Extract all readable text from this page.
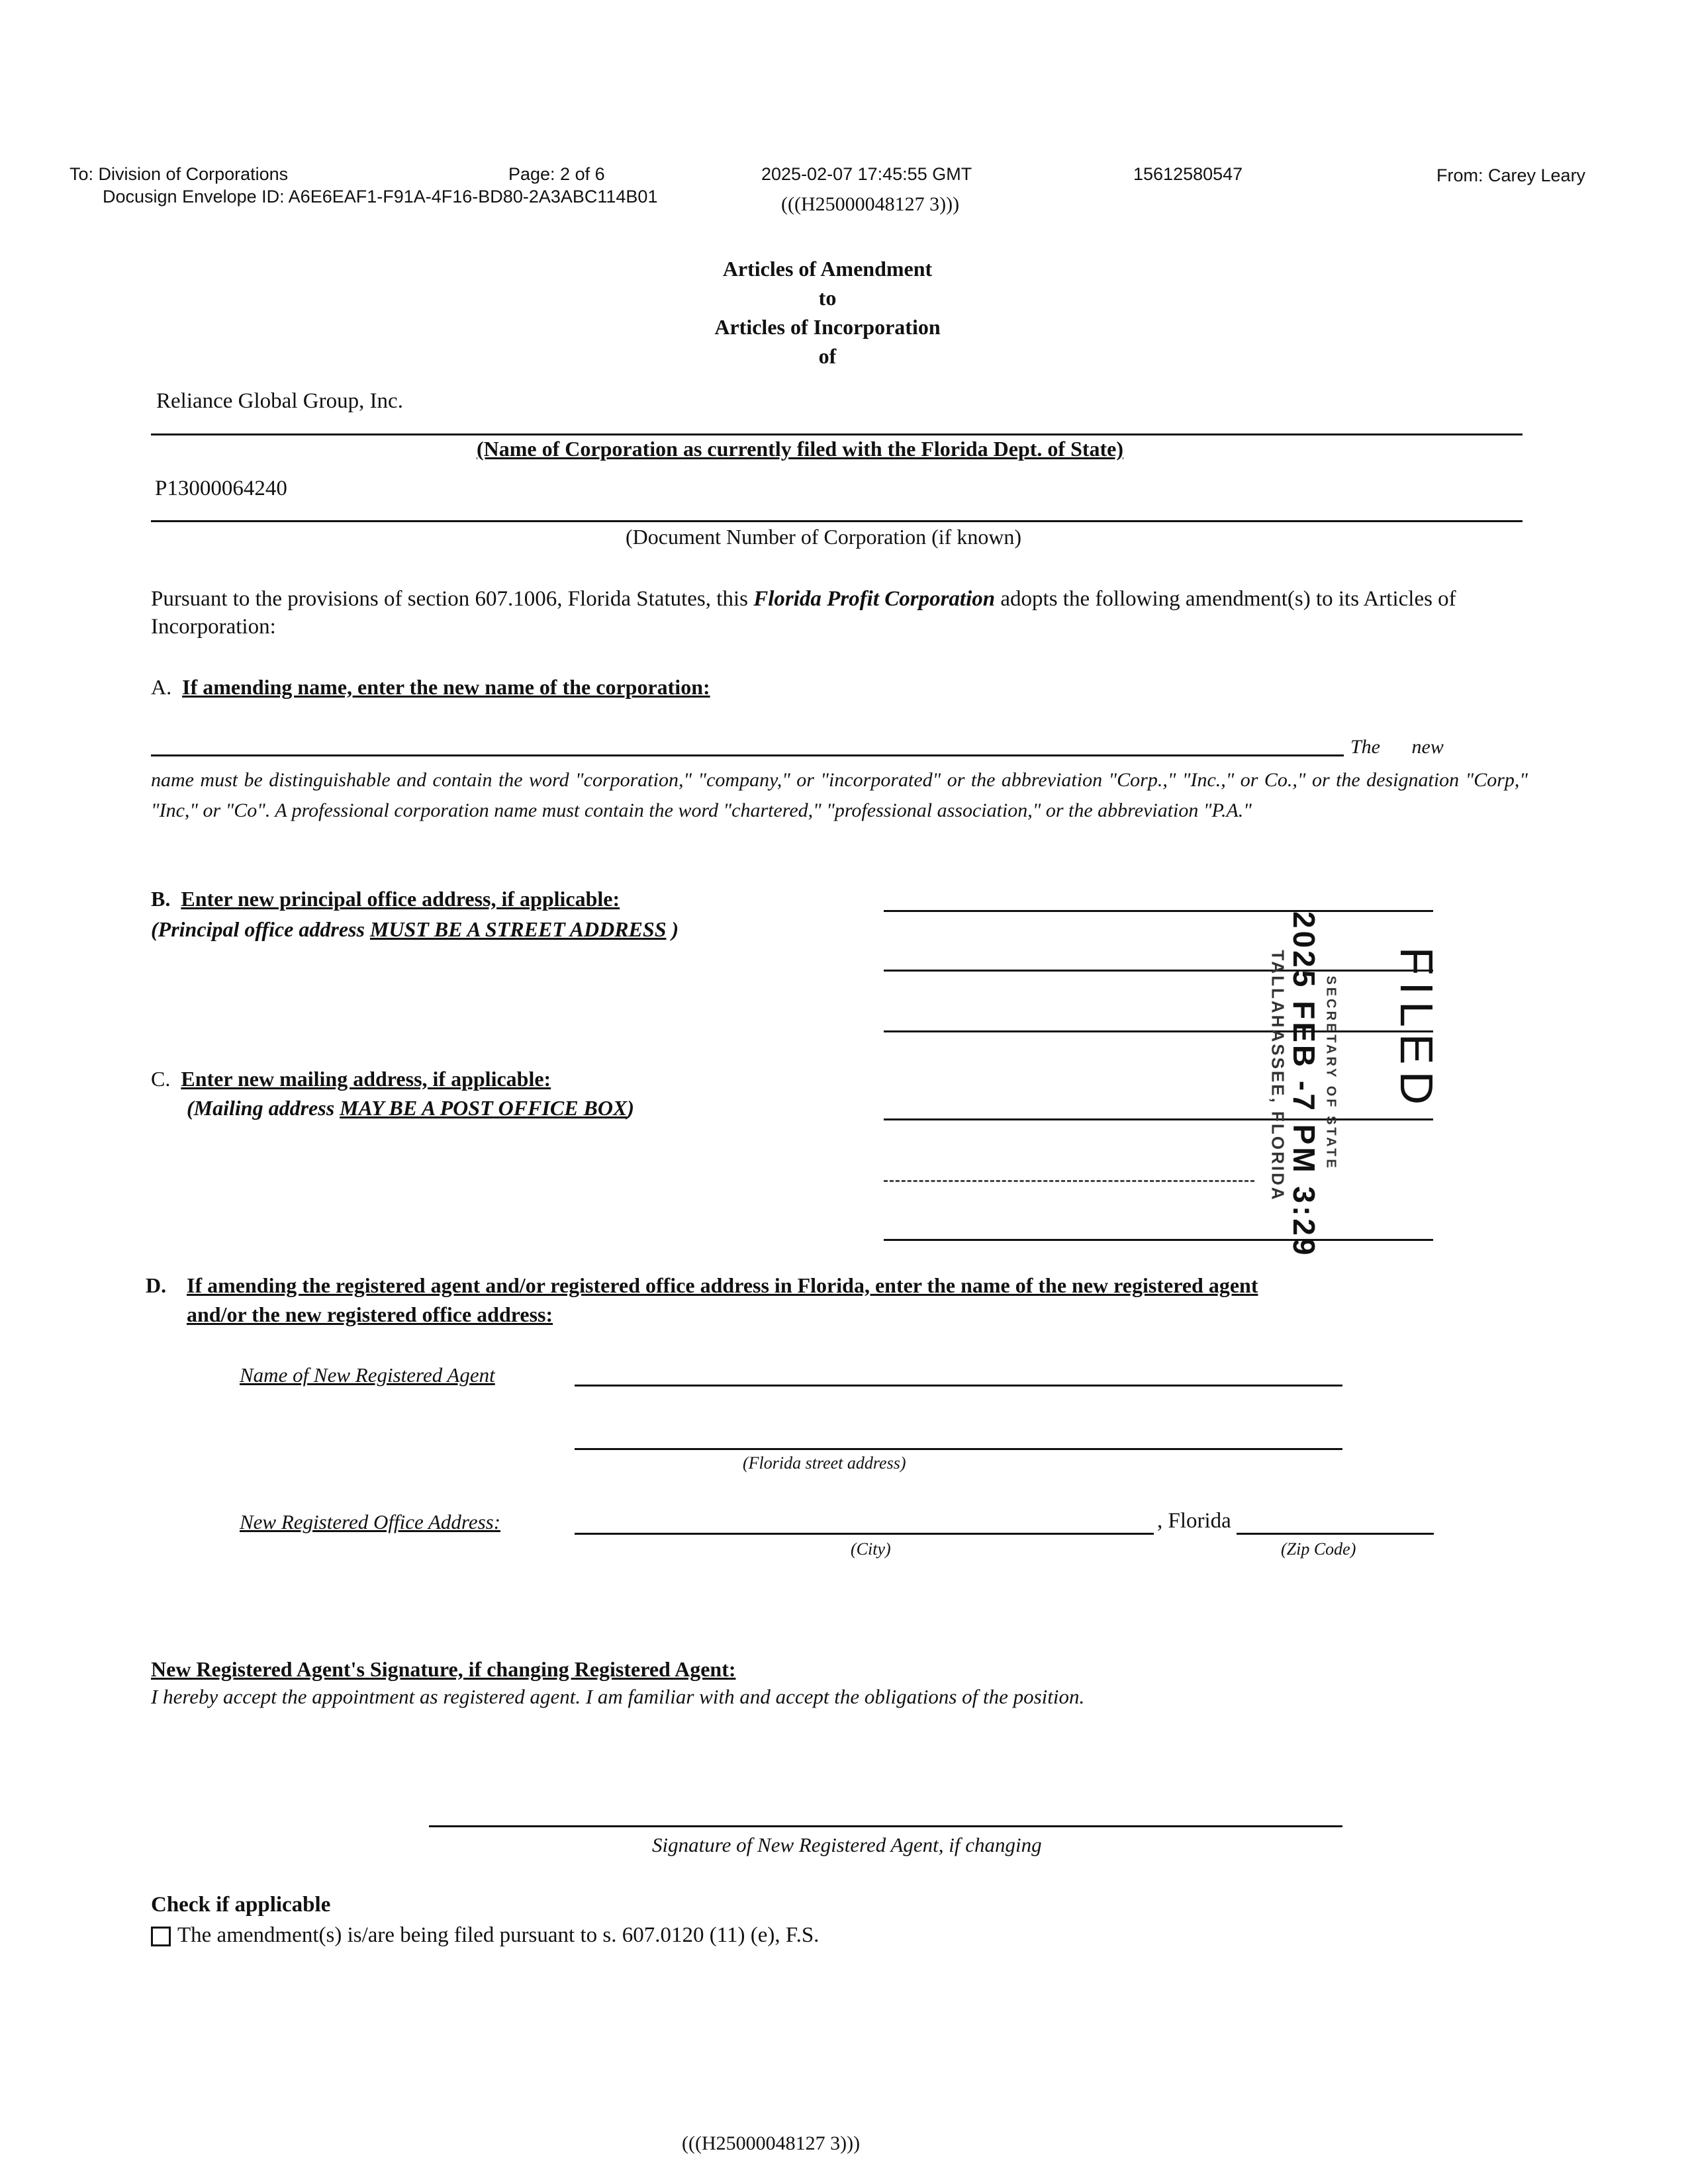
To: Division of Corporations	Page: 2 of 6	2025-02-07 17:45:55 GMT	15612580547	From: Carey Leary
Docusign Envelope ID: A6E6EAF1-F91A-4F16-BD80-2A3ABC114B01	(((H25000048127 3)))
Articles of Amendment
to
Articles of Incorporation
of
Reliance Global Group, Inc.
(Name of Corporation as currently filed with the Florida Dept. of State)
P13000064240
(Document Number of Corporation (if known)
Pursuant to the provisions of section 607.1006, Florida Statutes, this Florida Profit Corporation adopts the following amendment(s) to its Articles of Incorporation:
A. If amending name, enter the new name of the corporation:
The new
name must be distinguishable and contain the word "corporation," "company," or "incorporated" or the abbreviation "Corp.," "Inc.," or Co.," or the designation "Corp," "Inc," or "Co". A professional corporation name must contain the word "chartered," "professional association," or the abbreviation "P.A."
B. Enter new principal office address, if applicable:
(Principal office address MUST BE A STREET ADDRESS )
C. Enter new mailing address, if applicable:
(Mailing address MAY BE A POST OFFICE BOX)	TALLAHASSEE, FLORIDA	SECRETARY OF STATE
2025 FEB -7 PM 3:29 FILED
D. If amending the registered agent and/or registered office address in Florida, enter the name of the new registered agent and/or the new registered office address:
Name of New Registered Agent
(Florida street address)
New Registered Office Address:	, Florida
(City)	(Zip Code)
New Registered Agent's Signature, if changing Registered Agent:
I hereby accept the appointment as registered agent. I am familiar with and accept the obligations of the position.
Signature of New Registered Agent, if changing
Check if applicable
The amendment(s) is/are being filed pursuant to s. 607.0120 (11) (e), F.S.
(((H25000048127 3)))
